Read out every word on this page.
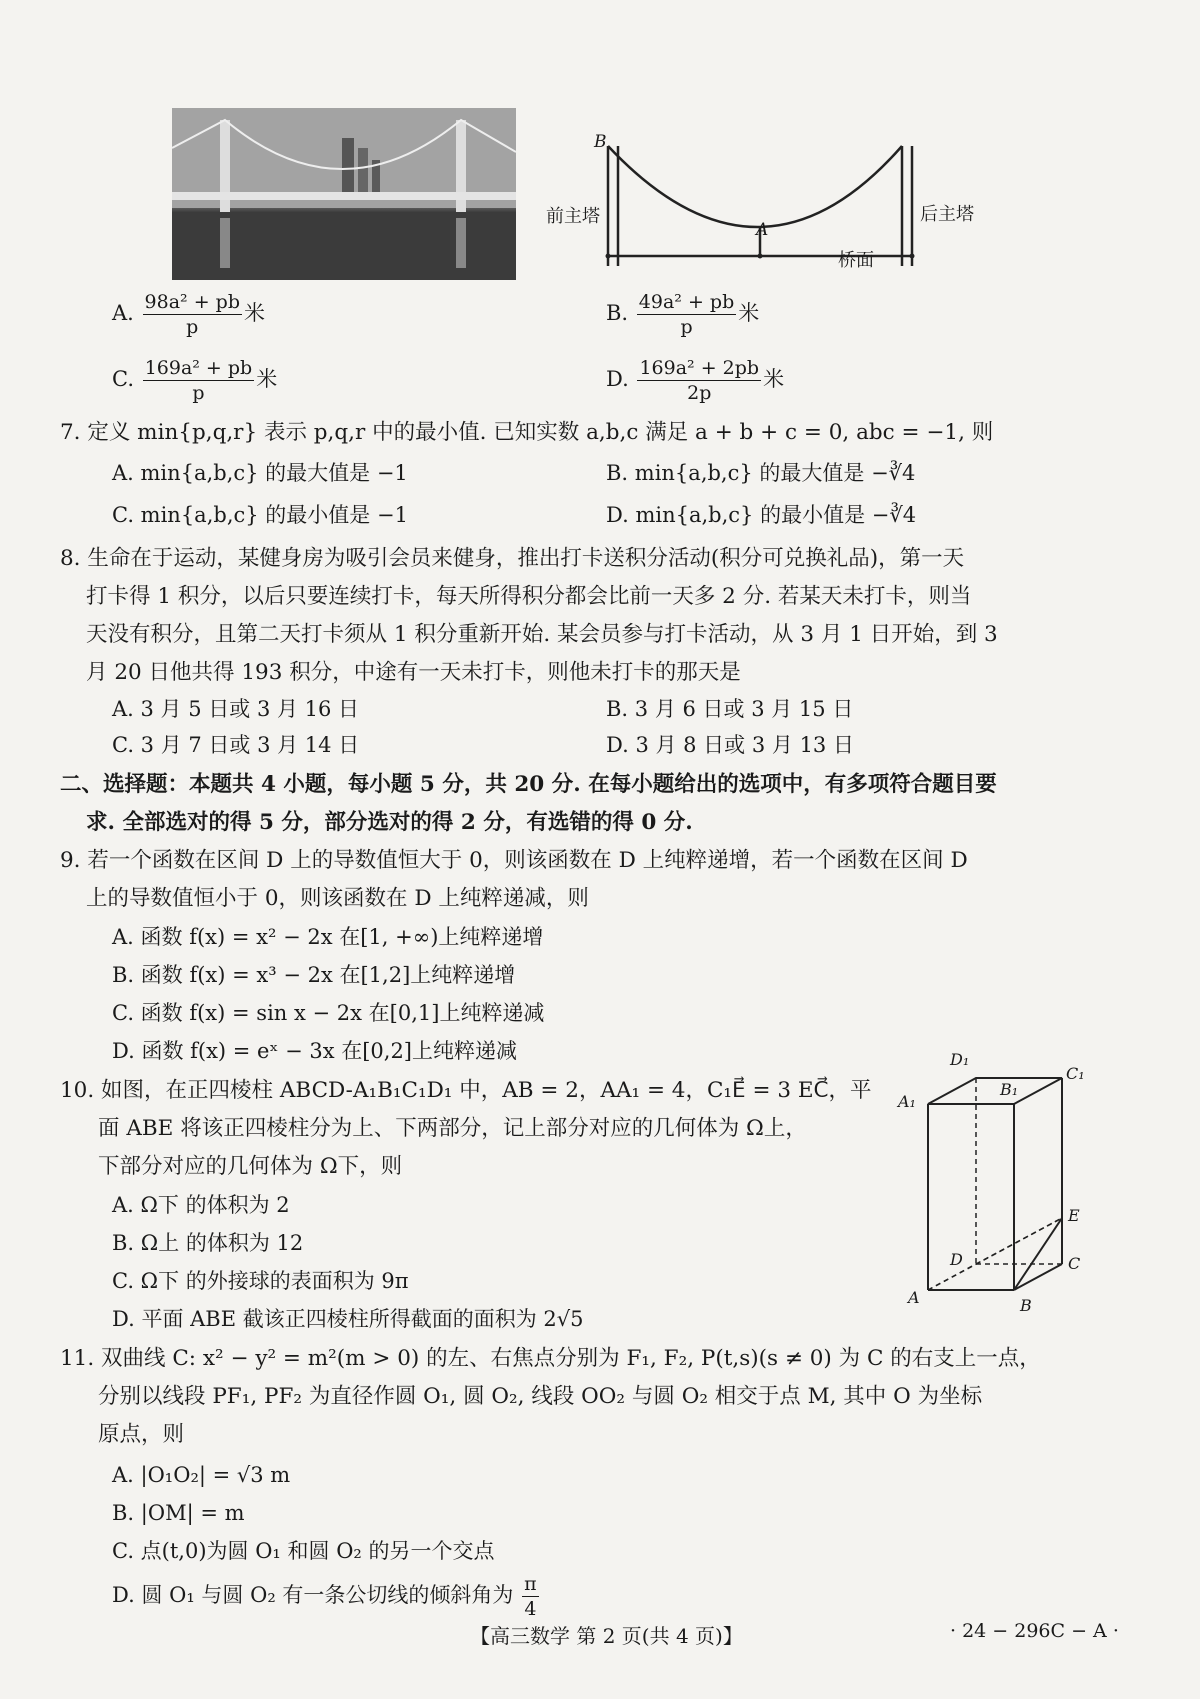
B
A
前主塔	后主塔
桥面
A. $\frac{\text{98a² + pb}}{p}$ 米	B. $\frac{\text{49a² + pb}}{p}$ 米
C. $\frac{\text{169a² + pb}}{p}$ 米	D. $\frac{\text{169a² + 2pb}}{2p}$ 米
7. 定义 min{p,q,r} 表示 p,q,r 中的最小值. 已知实数 a,b,c 满足 a + b + c = 0, abc = −1, 则
A. min{a,b,c} 的最大值是 −1	B. min{a,b,c} 的最大值是 −∛4
C. min{a,b,c} 的最小值是 −1	D. min{a,b,c} 的最小值是 −∛4
8. 生命在于运动，某健身房为吸引会员来健身，推出打卡送积分活动(积分可兑换礼品)，第一天
打卡得 1 积分，以后只要连续打卡，每天所得积分都会比前一天多 2 分. 若某天未打卡，则当
天没有积分，且第二天打卡须从 1 积分重新开始. 某会员参与打卡活动，从 3 月 1 日开始，到 3
月 20 日他共得 193 积分，中途有一天未打卡，则他未打卡的那天是
A. 3 月 5 日或 3 月 16 日	B. 3 月 6 日或 3 月 15 日
C. 3 月 7 日或 3 月 14 日	D. 3 月 8 日或 3 月 13 日
二、选择题：本题共 4 小题，每小题 5 分，共 20 分. 在每小题给出的选项中，有多项符合题目要
求. 全部选对的得 5 分，部分选对的得 2 分，有选错的得 0 分.
9. 若一个函数在区间 D 上的导数值恒大于 0，则该函数在 D 上纯粹递增，若一个函数在区间 D
上的导数值恒小于 0，则该函数在 D 上纯粹递减，则
A. 函数 f(x) = x² − 2x 在[1, +∞)上纯粹递增
B. 函数 f(x) = x³ − 2x 在[1,2]上纯粹递增
C. 函数 f(x) = sin x − 2x 在[0,1]上纯粹递减
D. 函数 f(x) = eˣ − 3x 在[0,2]上纯粹递减
10. 如图，在正四棱柱 ABCD-A₁B₁C₁D₁ 中，AB = 2，AA₁ = 4，C₁E⃗ = 3 EC⃗，平
面 ABE 将该正四棱柱分为上、下两部分，记上部分对应的几何体为 Ω上，
下部分对应的几何体为 Ω下，则
A. Ω下 的体积为 2
B. Ω上 的体积为 12
C. Ω下 的外接球的表面积为 9π
D. 平面 ABE 截该正四棱柱所得截面的面积为 2√5
D₁
B₁
C₁
A₁
E
D	C
A	B
11. 双曲线 C: x² − y² = m²(m > 0) 的左、右焦点分别为 F₁, F₂, P(t,s)(s ≠ 0) 为 C 的右支上一点，
分别以线段 PF₁, PF₂ 为直径作圆 O₁, 圆 O₂, 线段 OO₂ 与圆 O₂ 相交于点 M, 其中 O 为坐标
原点，则
A. |O₁O₂| = √3 m
B. |OM| = m
C. 点(t,0)为圆 O₁ 和圆 O₂ 的另一个交点
D. 圆 O₁ 与圆 O₂ 有一条公切线的倾斜角为 $\frac{\pi}{4}$
【高三数学 第 2 页(共 4 页)】	· 24 − 296C − A ·
